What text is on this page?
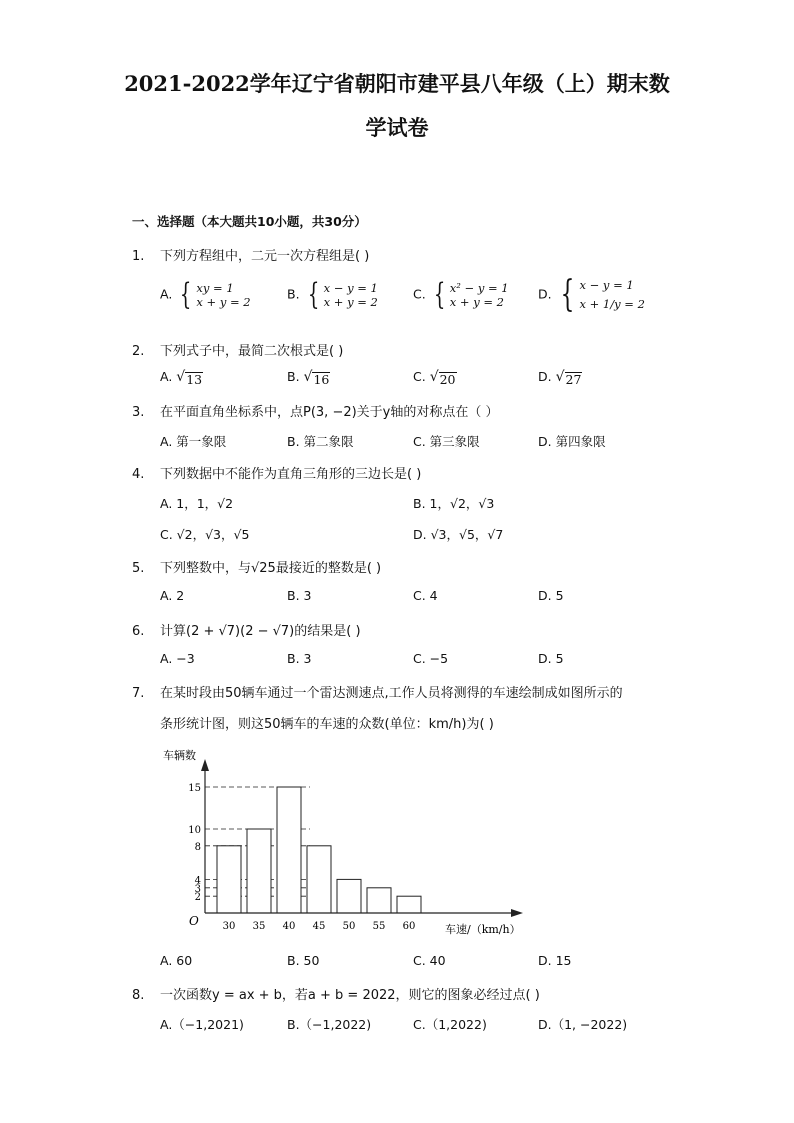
2021-2022学年辽宁省朝阳市建平县八年级（上）期末数
学试卷
一、选择题（本大题共10小题，共30分）
1. 下列方程组中，二元一次方程组是( )
A. { xy = 1
x + y = 2
B. { x − y = 1
x + y = 2
C. { x² − y = 1
x + y = 2
D. { x − y = 1
x + 1/y = 2
2. 下列式子中，最简二次根式是( )
A. √ 13	B. √ 16	C. √ 20	D. √ 27
3. 在平面直角坐标系中，点P(3, −2)关于y轴的对称点在（ ）
A. 第一象限	B. 第二象限	C. 第三象限	D. 第四象限
4. 下列数据中不能作为直角三角形的三边长是( )
A. 1，1，√2	B. 1，√2，√3
C. √2，√3，√5	D. √3，√5，√7
5. 下列整数中，与√25最接近的整数是( )
A. 2	B. 3	C. 4	D. 5
6. 计算(2 + √7)(2 − √7)的结果是( )
A. −3	B. 3	C. −5	D. 5
7. 在某时段由50辆车通过一个雷达测速点,工作人员将测得的车速绘制成如图所示的
条形统计图，则这50辆车的车速的众数(单位：km/h)为( )
30 35 40 45 50 55 60
2
3
4
8
10
15
O
车辆数
车速/（km/h）
A. 60	B. 50	C. 40	D. 15
8. 一次函数y = ax + b，若a + b = 2022，则它的图象必经过点( )
A.（−1,2021)	B.（−1,2022)	C.（1,2022)	D.（1, −2022)
